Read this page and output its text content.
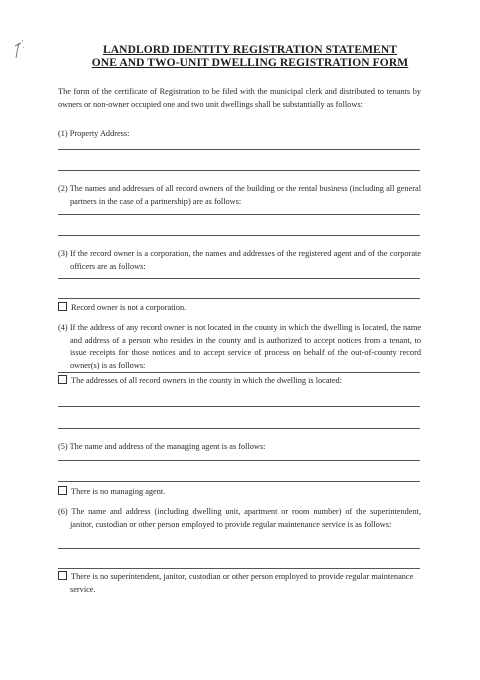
LANDLORD IDENTITY REGISTRATION STATEMENT
ONE AND TWO-UNIT DWELLING REGISTRATION FORM
The form of the certificate of Registration to be filed with the municipal clerk and distributed to tenants by owners or non-owner occupied one and two unit dwellings shall be substantially as follows:
(1) Property Address:
(2) The names and addresses of all record owners of the building or the rental business (including all general partners in the case of a partnership) are as follows:
(3) If the record owner is a corporation, the names and addresses of the registered agent and of the corporate officers are as follows:
Record owner is not a corporation.
(4) If the address of any record owner is not located in the county in which the dwelling is located, the name and address of a person who resides in the county and is authorized to accept notices from a tenant, to issue receipts for those notices and to accept service of process on behalf of the out-of-county record owner(s) is as follows:
The addresses of all record owners in the county in which the dwelling is located:
(5) The name and address of the managing agent is as follows:
There is no managing agent.
(6) The name and address (including dwelling unit, apartment or room number) of the superintendent, janitor, custodian or other person employed to provide regular maintenance service is as follows:
There is no superintendent, janitor, custodian or other person employed to provide regular maintenance service.
